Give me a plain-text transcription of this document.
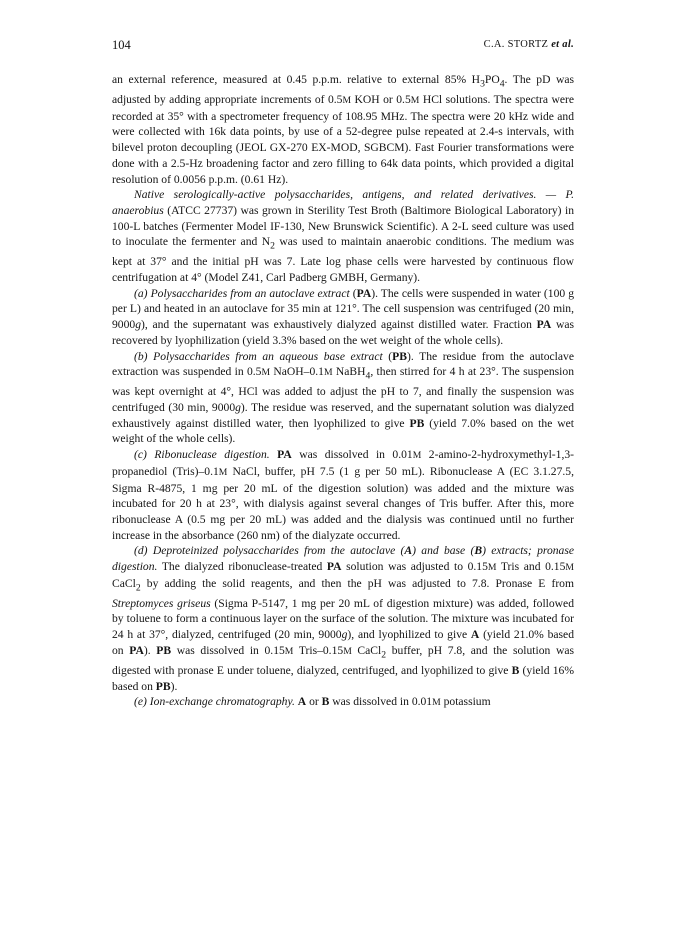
104	C.A. STORTZ et al.

an external reference, measured at 0.45 p.p.m. relative to external 85% $H_3PO_4$. The pD was adjusted by adding appropriate increments of 0.5M KOH or 0.5M HCl solutions. The spectra were recorded at 35° with a spectrometer frequency of 108.95 MHz. The spectra were 20 kHz wide and were collected with 16k data points, by use of a 52-degree pulse repeated at 2.4-s intervals, with bilevel proton decoupling (JEOL GX-270 EX-MOD, SGBCM). Fast Fourier transformations were done with a 2.5-Hz broadening factor and zero filling to 64k data points, which provided a digital resolution of 0.0056 p.p.m. (0.61 Hz).

Native serologically-active polysaccharides, antigens, and related derivatives. — P. anaerobius (ATCC 27737) was grown in Sterility Test Broth (Baltimore Biological Laboratory) in 100-L batches (Fermenter Model IF-130, New Brunswick Scientific). A 2-L seed culture was used to inoculate the fermenter and $N_2$ was used to maintain anaerobic conditions. The medium was kept at 37° and the initial pH was 7. Late log phase cells were harvested by continuous flow centrifugation at 4° (Model Z41, Carl Padberg GMBH, Germany).

(a) Polysaccharides from an autoclave extract (PA). The cells were suspended in water (100 g per L) and heated in an autoclave for 35 min at 121°. The cell suspension was centrifuged (20 min, 9000g), and the supernatant was exhaustively dialyzed against distilled water. Fraction PA was recovered by lyophilization (yield 3.3% based on the wet weight of the whole cells).

(b) Polysaccharides from an aqueous base extract (PB). The residue from the autoclave extraction was suspended in 0.5M NaOH–0.1M NaBH$_4$, then stirred for 4 h at 23°. The suspension was kept overnight at 4°, HCl was added to adjust the pH to 7, and finally the suspension was centrifuged (30 min, 9000g). The residue was reserved, and the supernatant solution was dialyzed exhaustively against distilled water, then lyophilized to give PB (yield 7.0% based on the wet weight of the whole cells).

(c) Ribonuclease digestion. PA was dissolved in 0.01M 2-amino-2-hydroxymethyl-1,3-propanediol (Tris)–0.1M NaCl, buffer, pH 7.5 (1 g per 50 mL). Ribonuclease A (EC 3.1.27.5, Sigma R-4875, 1 mg per 20 mL of the digestion solution) was added and the mixture was incubated for 20 h at 23°, with dialysis against several changes of Tris buffer. After this, more ribonuclease A (0.5 mg per 20 mL) was added and the dialysis was continued until no further increase in the absorbance (260 nm) of the dialyzate occurred.

(d) Deproteinized polysaccharides from the autoclave (A) and base (B) extracts; pronase digestion. The dialyzed ribonuclease-treated PA solution was adjusted to 0.15M Tris and 0.15M CaCl$_2$ by adding the solid reagents, and then the pH was adjusted to 7.8. Pronase E from Streptomyces griseus (Sigma P-5147, 1 mg per 20 mL of digestion mixture) was added, followed by toluene to form a continuous layer on the surface of the solution. The mixture was incubated for 24 h at 37°, dialyzed, centrifuged (20 min, 9000g), and lyophilized to give A (yield 21.0% based on PA). PB was dissolved in 0.15M Tris–0.15M CaCl$_2$ buffer, pH 7.8, and the solution was digested with pronase E under toluene, dialyzed, centrifuged, and lyophilized to give B (yield 16% based on PB).

(e) Ion-exchange chromatography. A or B was dissolved in 0.01M potassium
